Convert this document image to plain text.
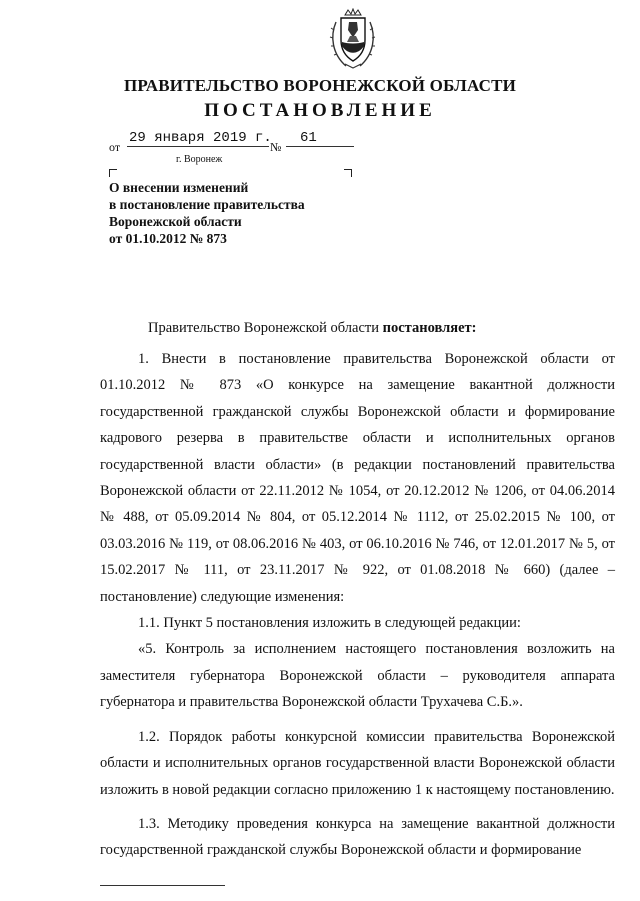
ПРАВИТЕЛЬСТВО ВОРОНЕЖСКОЙ ОБЛАСТИ
ПОСТАНОВЛЕНИЕ
от
29 января 2019 г.
№
61
г. Воронеж
О внесении изменений
в постановление правительства
Воронежской области
от 01.10.2012 № 873
Правительство Воронежской области постановляет:

1. Внести в постановление правительства Воронежской области от 01.10.2012 № 873 «О конкурсе на замещение вакантной должности государственной гражданской службы Воронежской области и формирование кадрового резерва в правительстве области и исполнительных органов государственной власти области» (в редакции постановлений правительства Воронежской области от 22.11.2012 № 1054, от 20.12.2012 № 1206, от 04.06.2014 № 488, от 05.09.2014 № 804, от 05.12.2014 № 1112, от 25.02.2015 № 100, от 03.03.2016 № 119, от 08.06.2016 № 403, от 06.10.2016 № 746, от 12.01.2017 № 5, от 15.02.2017 № 111, от 23.11.2017 № 922, от 01.08.2018 № 660) (далее – постановление) следующие изменения:

1.1. Пункт 5 постановления изложить в следующей редакции:

«5. Контроль за исполнением настоящего постановления возложить на заместителя губернатора Воронежской области – руководителя аппарата губернатора и правительства Воронежской области Трухачева С.Б.».

1.2. Порядок работы конкурсной комиссии правительства Воронежской области и исполнительных органов государственной власти Воронежской области изложить в новой редакции согласно приложению 1 к настоящему постановлению.

1.3. Методику проведения конкурса на замещение вакантной должности государственной гражданской службы Воронежской области и формирование
